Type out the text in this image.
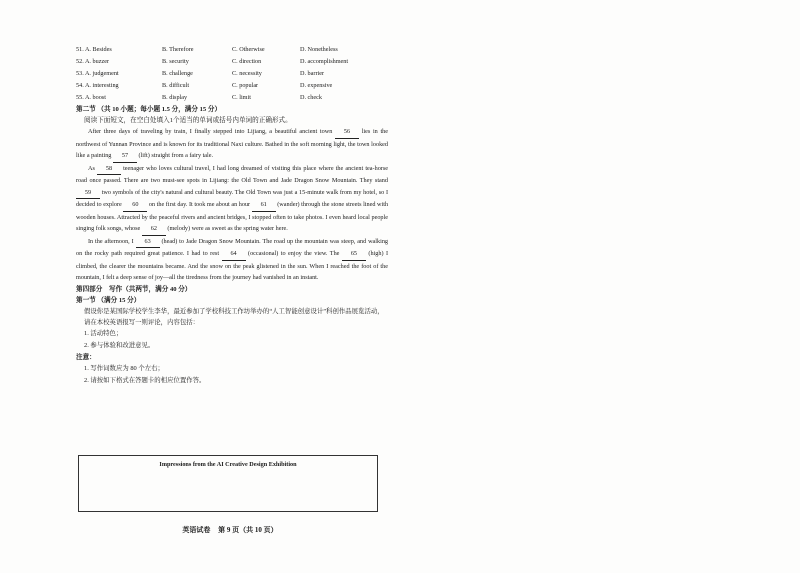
51. A. Besides	B. Therefore	C. Otherwise	D. Nonetheless
52. A. buzzer	B. security	C. direction	D. accomplishment
53. A. judgement	B. challenge	C. necessity	D. barrier
54. A. interesting	B. difficult	C. popular	D. expensive
55. A. boost	B. display	C. limit	D. check
第二节 （共 10 小题；每小题 1.5 分，满分 15 分）
阅读下面短文，在空白处填入1个适当的单词或括号内单词的正确形式。

After three days of traveling by train, I finally stepped into Lijiang, a beautiful ancient town 56 lies in the northwest of Yunnan Province and is known for its traditional Naxi culture. Bathed in the soft morning light, the town looked like a painting 57 (lift) straight from a fairy tale.

As 58 teenager who loves cultural travel, I had long dreamed of visiting this place where the ancient tea-horse road once passed. There are two must-see spots in Lijiang: the Old Town and Jade Dragon Snow Mountain. They stand 59 two symbols of the city's natural and cultural beauty. The Old Town was just a 15-minute walk from my hotel, so I decided to explore 60 on the first day. It took me about an hour 61 (wander) through the stone streets lined with wooden houses. Attracted by the peaceful rivers and ancient bridges, I stopped often to take photos. I even heard local people singing folk songs, whose 62 (melody) were as sweet as the spring water here.

In the afternoon, I 63 (head) to Jade Dragon Snow Mountain. The road up the mountain was steep, and walking on the rocky path required great patience. I had to rest 64 (occasional) to enjoy the view. The 65 (high) I climbed, the clearer the mountains became. And the snow on the peak glistened in the sun. When I reached the foot of the mountain, I felt a deep sense of joy—all the tiredness from the journey had vanished in an instant.

第四部分　写作（共两节，满分 40 分）
第一节 （满分 15 分）

假设你是某国际学校学生李华，最近参加了学校科技工作坊举办的“人工智能创意设计”科创作品展览活动，请在本校英语报写一则评论，内容包括：

1. 活动特色；
2. 参与体验和改进意见。
注意：
1. 写作词数应为 80 个左右；
2. 请按如下格式在答题卡的相应位置作答。
Impressions from the AI Creative Design Exhibition
英语试卷 第 9 页（共 10 页）
